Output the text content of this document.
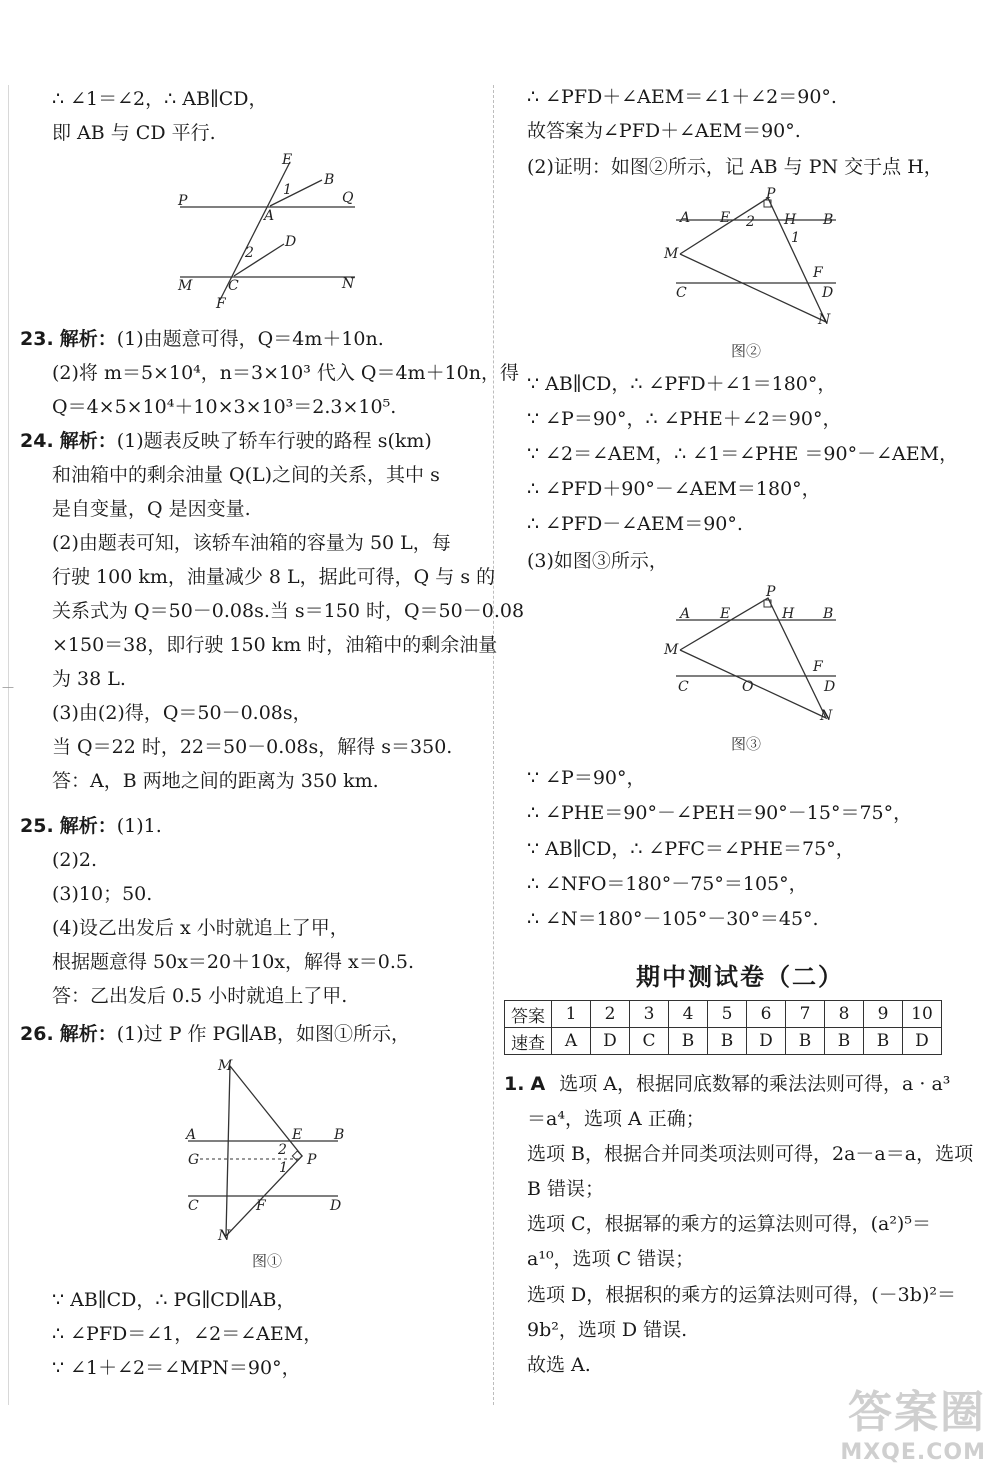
∴ ∠1＝∠2，∴ AB∥CD，
即 AB 与 CD 平行.
E
B
P	Q
A
1
2
D
M	C	N
F
23. 解析：(1)由题意可得，Q＝4m＋10n.
(2)将 m＝5×10⁴，n＝3×10³ 代入 Q＝4m＋10n，得
Q＝4×5×10⁴＋10×3×10³＝2.3×10⁵.
24. 解析：(1)题表反映了轿车行驶的路程 s(km)
和油箱中的剩余油量 Q(L)之间的关系，其中 s
是自变量，Q 是因变量.
(2)由题表可知，该轿车油箱的容量为 50 L，每
行驶 100 km，油量减少 8 L，据此可得，Q 与 s 的
关系式为 Q＝50－0.08s.当 s＝150 时，Q＝50－0.08
×150＝38，即行驶 150 km 时，油箱中的剩余油量
为 38 L.
(3)由(2)得，Q＝50－0.08s，
当 Q＝22 时，22＝50－0.08s，解得 s＝350.
答：A，B 两地之间的距离为 350 km.
25. 解析：(1)1.
(2)2.
(3)10；50.
(4)设乙出发后 x 小时就追上了甲，
根据题意得 50x＝20＋10x，解得 x＝0.5.
答：乙出发后 0.5 小时就追上了甲.
26. 解析：(1)过 P 作 PG∥AB，如图①所示，
M
A	B
E
2
G	P
1
C	F	D
N
图①
∵ AB∥CD，∴ PG∥CD∥AB，
∴ ∠PFD＝∠1，∠2＝∠AEM，
∵ ∠1＋∠2＝∠MPN＝90°，
—
∴ ∠PFD＋∠AEM＝∠1＋∠2＝90°.
故答案为∠PFD＋∠AEM＝90°.
(2)证明：如图②所示，记 AB 与 PN 交于点 H，
P
A E 2 H B
1
M
F
C	D
N
图②
∵ AB∥CD，∴ ∠PFD＋∠1＝180°，
∵ ∠P＝90°，∴ ∠PHE＋∠2＝90°，
∵ ∠2＝∠AEM，∴ ∠1＝∠PHE ＝90°－∠AEM，
∴ ∠PFD＋90°－∠AEM＝180°，
∴ ∠PFD－∠AEM＝90°.
(3)如图③所示，
P
A E	H B
M
F
C	O	D
N
图③
∵ ∠P＝90°，
∴ ∠PHE＝90°－∠PEH＝90°－15°＝75°，
∵ AB∥CD，∴ ∠PFC＝∠PHE＝75°，
∴ ∠NFO＝180°－75°＝105°，
∴ ∠N＝180°－105°－30°＝45°.
期中测试卷（二）
答案	1	2	3	4	5	6	7	8	9	10
速查	A	D	C	B	B	D	B	B	B	D
1. A 选项 A，根据同底数幂的乘法法则可得，a · a³
＝a⁴，选项 A 正确；
选项 B，根据合并同类项法则可得，2a－a＝a，选项
B 错误；
选项 C，根据幂的乘方的运算法则可得，(a²)⁵＝
a¹⁰，选项 C 错误；
选项 D，根据积的乘方的运算法则可得，(－3b)²＝
9b²，选项 D 错误.
故选 A.
答案圈
MXQE.COM
